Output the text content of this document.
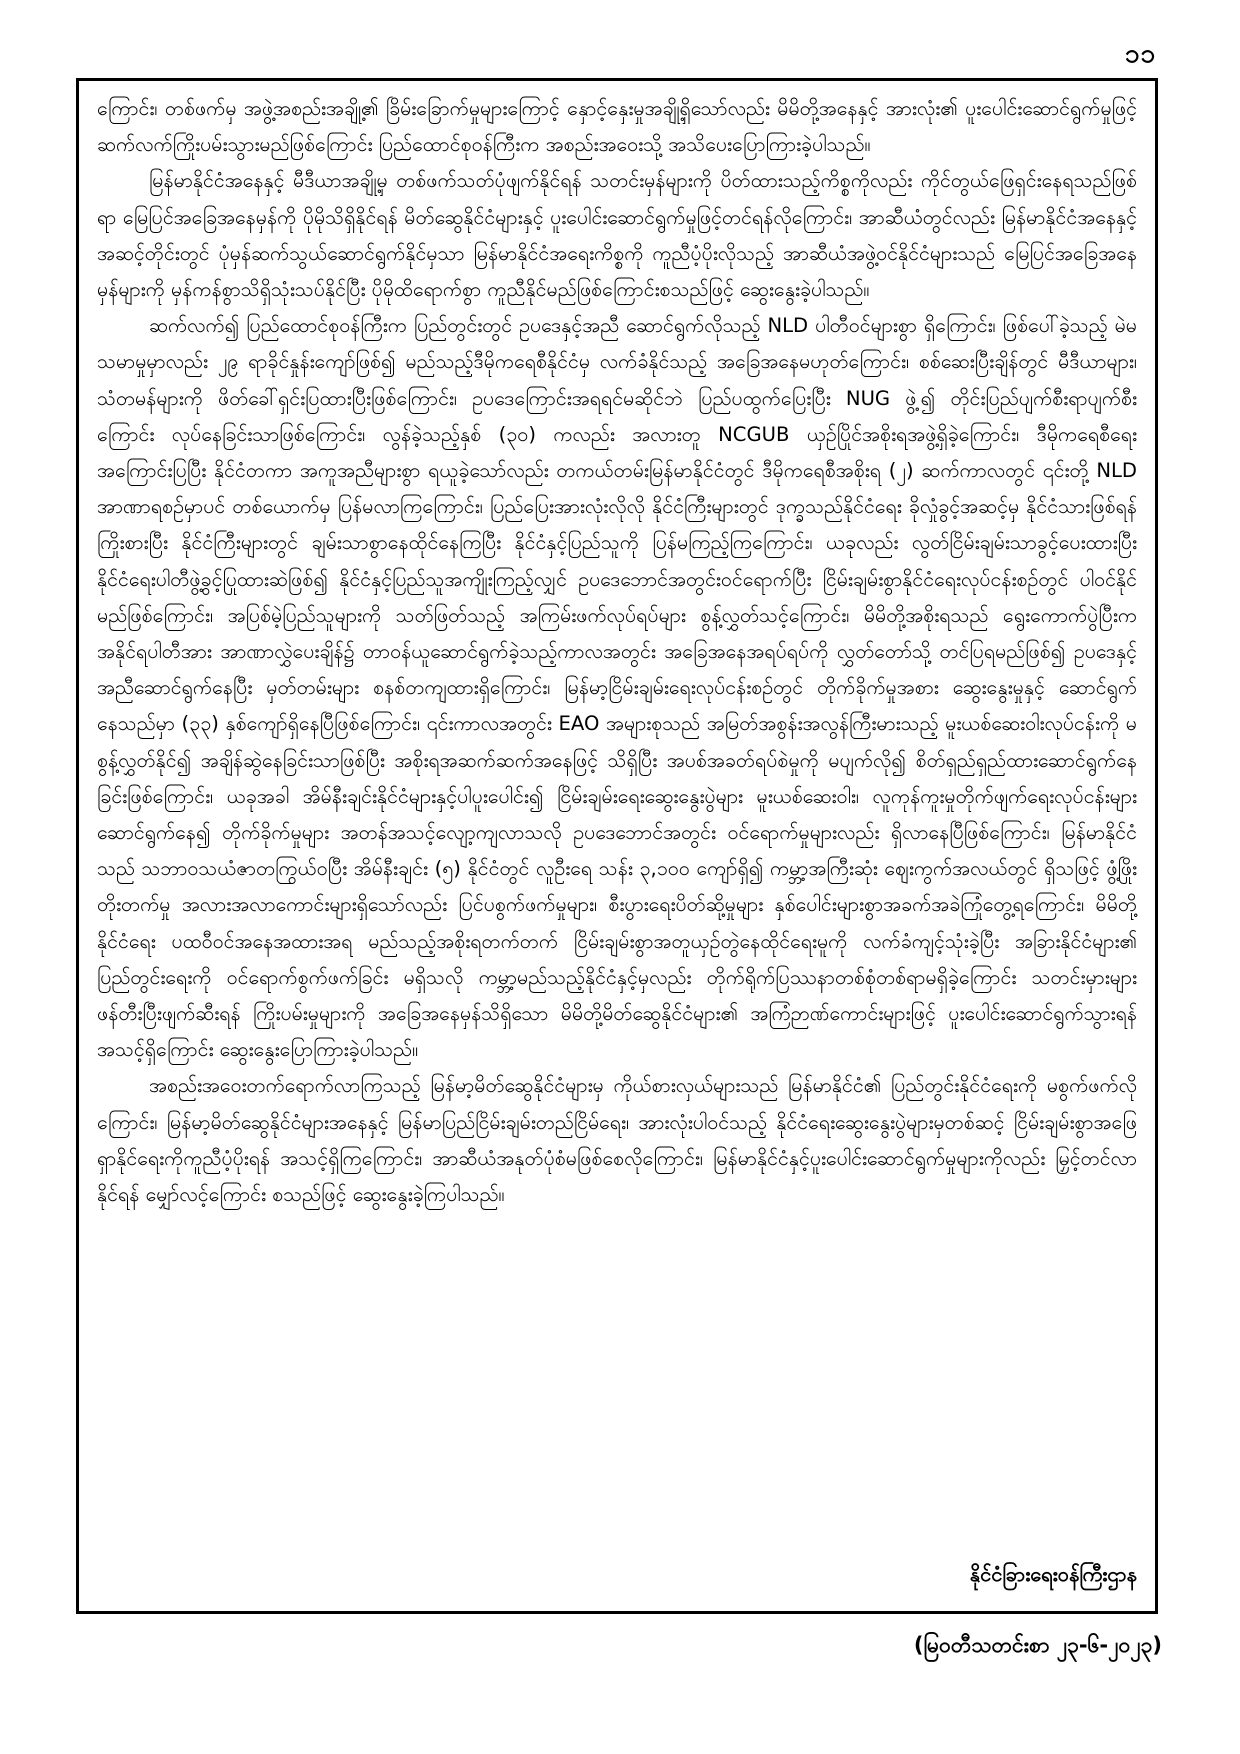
၁၁

ကြောင်း၊ တစ်ဖက်မှ အဖွဲ့အစည်းအချို့၏ ခြိမ်းခြောက်မှုများကြောင့် နှောင့်နှေးမှုအချို့ရှိသော်လည်း မိမိတို့အနေနှင့် အားလုံး၏ ပူးပေါင်းဆောင်ရွက်မှုဖြင့် ဆက်လက်ကြိုးပမ်းသွားမည်ဖြစ်ကြောင်း ပြည်ထောင်စုဝန်ကြီးက အစည်းအဝေးသို့ အသိပေးပြောကြားခဲ့ပါသည်။

မြန်မာနိုင်ငံအနေနှင့် မီဒီယာအချို့မှ တစ်ဖက်သတ်ပုံဖျက်နိုင်ရန် သတင်းမှန်များကို ပိတ်ထားသည့်ကိစ္စကိုလည်း ကိုင်တွယ်ဖြေရှင်းနေရသည်ဖြစ်ရာ မြေပြင်အခြေအနေမှန်ကို ပိုမိုသိရှိနိုင်ရန် မိတ်ဆွေနိုင်ငံများနှင့် ပူးပေါင်းဆောင်ရွက်မှုဖြင့်တင်ရန်လိုကြောင်း၊ အာဆီယံတွင်လည်း မြန်မာနိုင်ငံအနေနှင့် အဆင့်တိုင်းတွင် ပုံမှန်ဆက်သွယ်ဆောင်ရွက်နိုင်မှသာ မြန်မာနိုင်ငံအရေးကိစ္စကို ကူညီပံ့ပိုးလိုသည့် အာဆီယံအဖွဲ့ဝင်နိုင်ငံများသည် မြေပြင်အခြေအနေမှန်များကို မှန်ကန်စွာသိရှိသုံးသပ်နိုင်ပြီး ပိုမိုထိရောက်စွာ ကူညီနိုင်မည်ဖြစ်ကြောင်းစသည်ဖြင့် ဆွေးနွေးခဲ့ပါသည်။

ဆက်လက်၍ ပြည်ထောင်စုဝန်ကြီးက ပြည်တွင်းတွင် ဥပဒေနှင့်အညီ ဆောင်ရွက်လိုသည့် NLD ပါတီဝင်များစွာ ရှိကြောင်း၊ ဖြစ်ပေါ်ခဲ့သည့် မဲမသမာမှုမှာလည်း ၂၉ ရာခိုင်နှုန်းကျော်ဖြစ်၍ မည်သည့်ဒီမိုကရေစီနိုင်ငံမှ လက်ခံနိုင်သည့် အခြေအနေမဟုတ်ကြောင်း၊ စစ်ဆေးပြီးချိန်တွင် မီဒီယာများ၊ သံတမန်များကို ဖိတ်ခေါ်ရှင်းပြထားပြီးဖြစ်ကြောင်း၊ ဥပဒေကြောင်းအရရင်မဆိုင်ဘဲ ပြည်ပထွက်ပြေးပြီး NUG ဖွဲ့၍ တိုင်းပြည်ပျက်စီးရာပျက်စီးကြောင်း လုပ်နေခြင်းသာဖြစ်ကြောင်း၊ လွန်ခဲ့သည့်နှစ် (၃၀) ကလည်း အလားတူ NCGUB ယှဉ်ပြိုင်အစိုးရအဖွဲ့ရှိခဲ့ကြောင်း၊ ဒီမိုကရေစီရေး အကြောင်းပြပြီး နိုင်ငံတကာ အကူအညီများစွာ ရယူခဲ့သော်လည်း တကယ်တမ်းမြန်မာနိုင်ငံတွင် ဒီမိုကရေစီအစိုးရ (၂) ဆက်ကာလတွင် ၎င်းတို့ NLD အာဏာရစဉ်မှာပင် တစ်ယောက်မှ ပြန်မလာကြကြောင်း၊ ပြည်ပြေးအားလုံးလိုလို နိုင်ငံကြီးများတွင် ဒုက္ခသည်နိုင်ငံရေး ခိုလှုံခွင့်အဆင့်မှ နိုင်ငံသားဖြစ်ရန် ကြိုးစားပြီး နိုင်ငံကြီးများတွင် ချမ်းသာစွာနေထိုင်နေကြပြီး နိုင်ငံနှင့်ပြည်သူကို ပြန်မကြည့်ကြကြောင်း၊ ယခုလည်း လွတ်ငြိမ်းချမ်းသာခွင့်ပေးထားပြီး နိုင်ငံရေးပါတီဖွဲ့ခွင့်ပြုထားဆဲဖြစ်၍ နိုင်ငံနှင့်ပြည်သူအကျိုးကြည့်လျှင် ဥပဒေဘောင်အတွင်းဝင်ရောက်ပြီး ငြိမ်းချမ်းစွာနိုင်ငံရေးလုပ်ငန်းစဉ်တွင် ပါဝင်နိုင်မည်ဖြစ်ကြောင်း၊ အပြစ်မဲ့ပြည်သူများကို သတ်ဖြတ်သည့် အကြမ်းဖက်လုပ်ရပ်များ စွန့်လွှတ်သင့်ကြောင်း၊ မိမိတို့အစိုးရသည် ရွေးကောက်ပွဲပြီးက အနိုင်ရပါတီအား အာဏာလွှဲပေးချိန်၌ တာဝန်ယူဆောင်ရွက်ခဲ့သည့်ကာလအတွင်း အခြေအနေအရပ်ရပ်ကို လွှတ်တော်သို့ တင်ပြရမည်ဖြစ်၍ ဥပဒေနှင့်အညီဆောင်ရွက်နေပြီး မှတ်တမ်းများ စနစ်တကျထားရှိကြောင်း၊ မြန်မာ့ငြိမ်းချမ်းရေးလုပ်ငန်းစဉ်တွင် တိုက်ခိုက်မှုအစား ဆွေးနွေးမှုနှင့် ဆောင်ရွက်နေသည်မှာ (၃၃) နှစ်ကျော်ရှိနေပြီဖြစ်ကြောင်း၊ ၎င်းကာလအတွင်း EAO အများစုသည် အမြတ်အစွန်းအလွန်ကြီးမားသည့် မူးယစ်ဆေးဝါးလုပ်ငန်းကို မစွန့်လွှတ်နိုင်၍ အချိန်ဆွဲနေခြင်းသာဖြစ်ပြီး အစိုးရအဆက်ဆက်အနေဖြင့် သိရှိပြီး အပစ်အခတ်ရပ်စဲမှုကို မပျက်လို၍ စိတ်ရှည်ရှည်ထားဆောင်ရွက်နေခြင်းဖြစ်ကြောင်း၊ ယခုအခါ အိမ်နီးချင်းနိုင်ငံများနှင့်ပါပူးပေါင်း၍ ငြိမ်းချမ်းရေးဆွေးနွေးပွဲများ မူးယစ်ဆေးဝါး၊ လူကုန်ကူးမှုတိုက်ဖျက်ရေးလုပ်ငန်းများဆောင်ရွက်နေ၍ တိုက်ခိုက်မှုများ အတန်အသင့်လျော့ကျလာသလို ဥပဒေဘောင်အတွင်း ဝင်ရောက်မှုများလည်း ရှိလာနေပြီဖြစ်ကြောင်း၊ မြန်မာနိုင်ငံသည် သဘာဝသယံဇာတကြွယ်ဝပြီး အိမ်နီးချင်း (၅) နိုင်ငံတွင် လူဦးရေ သန်း ၃,၁၀၀ ကျော်ရှိ၍ ကမ္ဘာ့အကြီးဆုံး ဈေးကွက်အလယ်တွင် ရှိသဖြင့် ဖွံ့ဖြိုးတိုးတက်မှု အလားအလာကောင်းများရှိသော်လည်း ပြင်ပစွက်ဖက်မှုများ၊ စီးပွားရေးပိတ်ဆို့မှုများ နှစ်ပေါင်းများစွာအခက်အခဲကြုံတွေ့ရကြောင်း၊ မိမိတို့နိုင်ငံရေး ပထဝီဝင်အနေအထားအရ မည်သည့်အစိုးရတက်တက် ငြိမ်းချမ်းစွာအတူယှဉ်တွဲနေထိုင်ရေးမူကို လက်ခံကျင့်သုံးခဲ့ပြီး အခြားနိုင်ငံများ၏ ပြည်တွင်းရေးကို ဝင်ရောက်စွက်ဖက်ခြင်း မရှိသလို ကမ္ဘာ့မည်သည့်နိုင်ငံနှင့်မှလည်း တိုက်ရိုက်ပြဿနာတစ်စုံတစ်ရာမရှိခဲ့ကြောင်း သတင်းမှားများဖန်တီးပြီးဖျက်ဆီးရန် ကြိုးပမ်းမှုများကို အခြေအနေမှန်သိရှိသော မိမိတို့မိတ်ဆွေနိုင်ငံများ၏ အကြံဉာဏ်ကောင်းများဖြင့် ပူးပေါင်းဆောင်ရွက်သွားရန် အသင့်ရှိကြောင်း ဆွေးနွေးပြောကြားခဲ့ပါသည်။

အစည်းအဝေးတက်ရောက်လာကြသည့် မြန်မာ့မိတ်ဆွေနိုင်ငံများမှ ကိုယ်စားလှယ်များသည် မြန်မာနိုင်ငံ၏ ပြည်တွင်းနိုင်ငံရေးကို မစွက်ဖက်လိုကြောင်း၊ မြန်မာ့မိတ်ဆွေနိုင်ငံများအနေနှင့် မြန်မာပြည်ငြိမ်းချမ်းတည်ငြိမ်ရေး၊ အားလုံးပါဝင်သည့် နိုင်ငံရေးဆွေးနွေးပွဲများမှတစ်ဆင့် ငြိမ်းချမ်းစွာအဖြေရှာနိုင်ရေးကိုကူညီပံ့ပိုးရန် အသင့်ရှိကြကြောင်း၊ အာဆီယံအနုတ်ပုံစံမဖြစ်စေလိုကြောင်း၊ မြန်မာနိုင်ငံနှင့်ပူးပေါင်းဆောင်ရွက်မှုများကိုလည်း မြှင့်တင်လာနိုင်ရန် မျှော်လင့်ကြောင်း စသည်ဖြင့် ဆွေးနွေးခဲ့ကြပါသည်။

နိုင်ငံခြားရေးဝန်ကြီးဌာန
(မြဝတီသတင်းစာ ၂၃-၆-၂၀၂၃)
